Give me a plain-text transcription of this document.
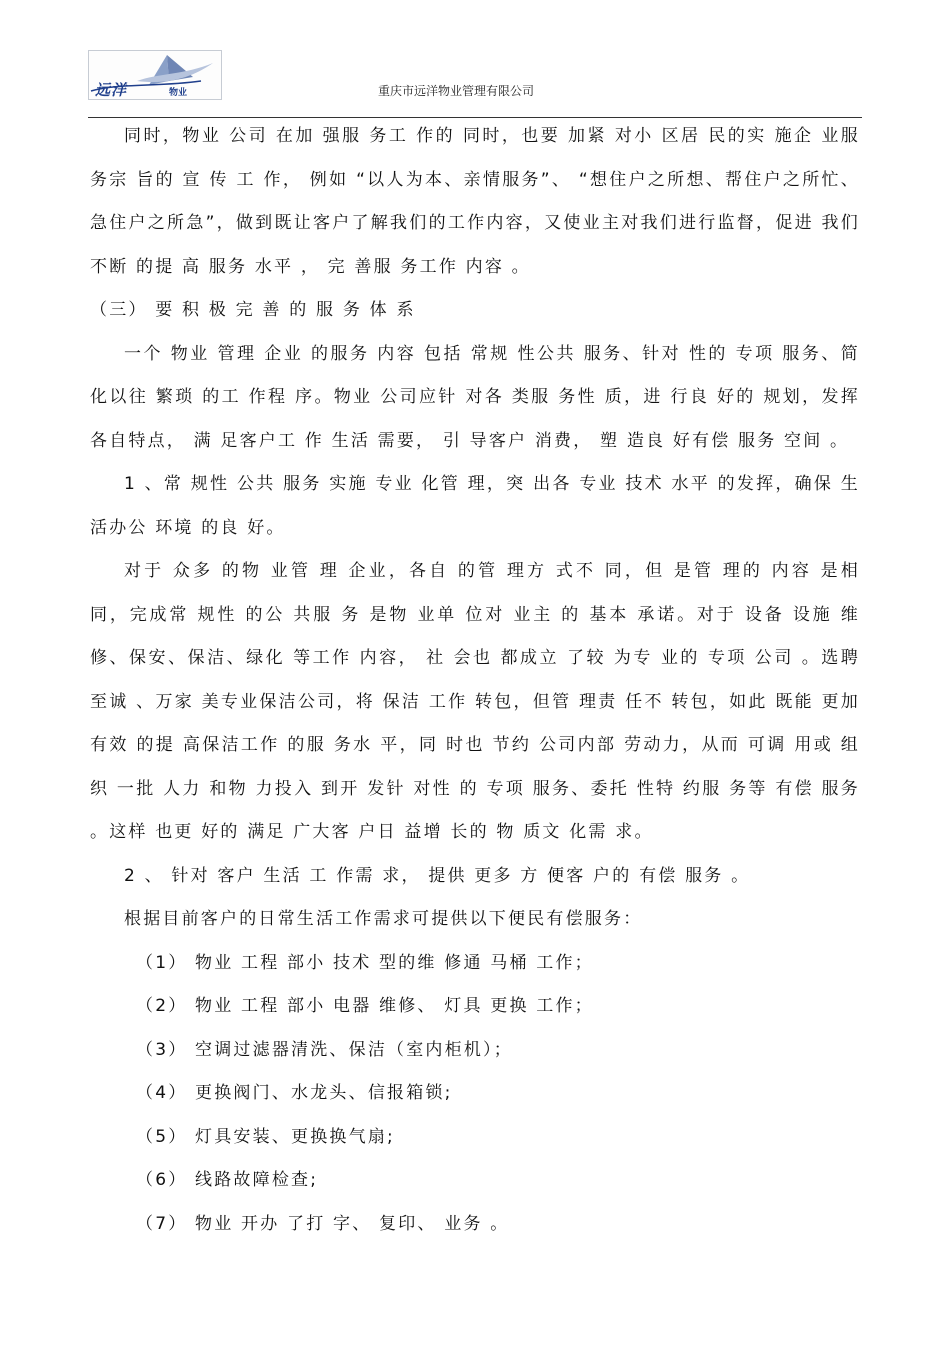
远洋	物业	重庆市远洋物业管理有限公司

同时，物业 公司 在加 强服 务工 作的 同时，也要 加紧 对小 区居 民的实 施企 业服 务宗 旨的 宣 传 工 作， 例如 “以人为本、亲情服务”、 “想住户之所想、帮住户之所忙、急住户之所急”，做到既让客户了解我们的工作内容，又使业主对我们进行监督，促进 我们 不断 的提 高 服务 水平 ， 完 善服 务工作 内容 。

（三） 要 积 极 完 善 的 服 务 体 系

一个 物业 管理 企业 的服务 内容 包括 常规 性公共 服务、针对 性的 专项 服务、简 化以往 繁琐 的工 作程 序。物业 公司应针 对各 类服 务性 质，进 行良 好的 规划，发挥 各自特点， 满 足客户工 作 生活 需要， 引 导客户 消费， 塑 造良 好有偿 服务 空间 。

1 、常 规性 公共 服务 实施 专业 化管 理，突 出各 专业 技术 水平 的发挥，确保 生活办公 环境 的良 好。

对于 众多 的物 业管 理 企业，各自 的管 理方 式不 同，但 是管 理的 内容 是相 同，完成常 规性 的公 共服 务 是物 业单 位对 业主 的 基本 承诺。对于 设备 设施 维修、保安、保洁、绿化 等工作 内容， 社 会也 都成立 了较 为专 业的 专项 公司 。选聘 至诚 、万家 美专业保洁公司，将 保洁 工作 转包，但管 理责 任不 转包，如此 既能 更加 有效 的提 高保洁工作 的服 务水 平，同 时也 节约 公司内部 劳动力，从而 可调 用或 组织 一批 人力 和物 力投入 到开 发针 对性 的 专项 服务、委托 性特 约服 务等 有偿 服务 。这样 也更 好的 满足 广大客 户日 益增 长的 物 质文 化需 求。

2 、 针对 客户 生活 工 作需 求， 提供 更多 方 便客 户的 有偿 服务 。

根据目前客户的日常生活工作需求可提供以下便民有偿服务：

（1） 物业 工程 部小 技术 型的维 修通 马桶 工作；

（2） 物业 工程 部小 电器 维修、 灯具 更换 工作；

（3） 空调过滤器清洗、保洁（室内柜机）；

（4） 更换阀门、水龙头、信报箱锁;

（5） 灯具安装、更换换气扇;

（6） 线路故障检查;

（7） 物业 开办 了打 字、 复印、 业务 。
